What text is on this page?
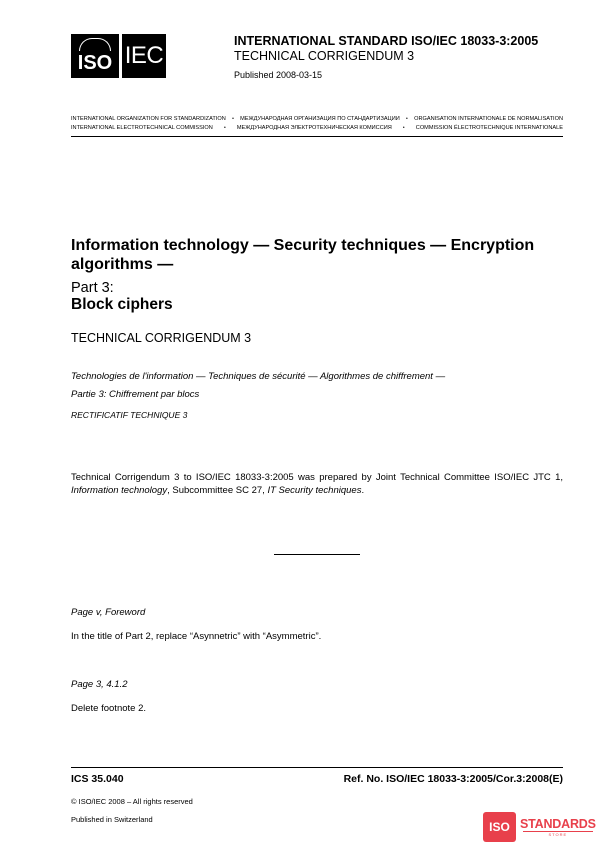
ISO IEC
INTERNATIONAL STANDARD ISO/IEC 18033-3:2005
TECHNICAL CORRIGENDUM 3
Published 2008-03-15
INTERNATIONAL ORGANIZATION FOR STANDARDIZATION • МЕЖДУНАРОДНАЯ ОРГАНИЗАЦИЯ ПО СТАНДАРТИЗАЦИИ • ORGANISATION INTERNATIONALE DE NORMALISATION
INTERNATIONAL ELECTROTECHNICAL COMMISSION • МЕЖДУНАРОДНАЯ ЭЛЕКТРОТЕХНИЧЕСКАЯ КОМИССИЯ • COMMISSION ÉLECTROTECHNIQUE INTERNATIONALE
Information technology — Security techniques — Encryption algorithms —
Part 3:
Block ciphers
TECHNICAL CORRIGENDUM 3
Technologies de l'information — Techniques de sécurité — Algorithmes de chiffrement —
Partie 3: Chiffrement par blocs
RECTIFICATIF TECHNIQUE 3
Technical Corrigendum 3 to ISO/IEC 18033-3:2005 was prepared by Joint Technical Committee ISO/IEC JTC 1, Information technology, Subcommittee SC 27, IT Security techniques.
Page v, Foreword
In the title of Part 2, replace “Asynnetric” with “Asymmetric”.
Page 3, 4.1.2
Delete footnote 2.
ICS 35.040	Ref. No. ISO/IEC 18033-3:2005/Cor.3:2008(E)
© ISO/IEC 2008 – All rights reserved
Published in Switzerland
ISO STANDARDS
STORE
